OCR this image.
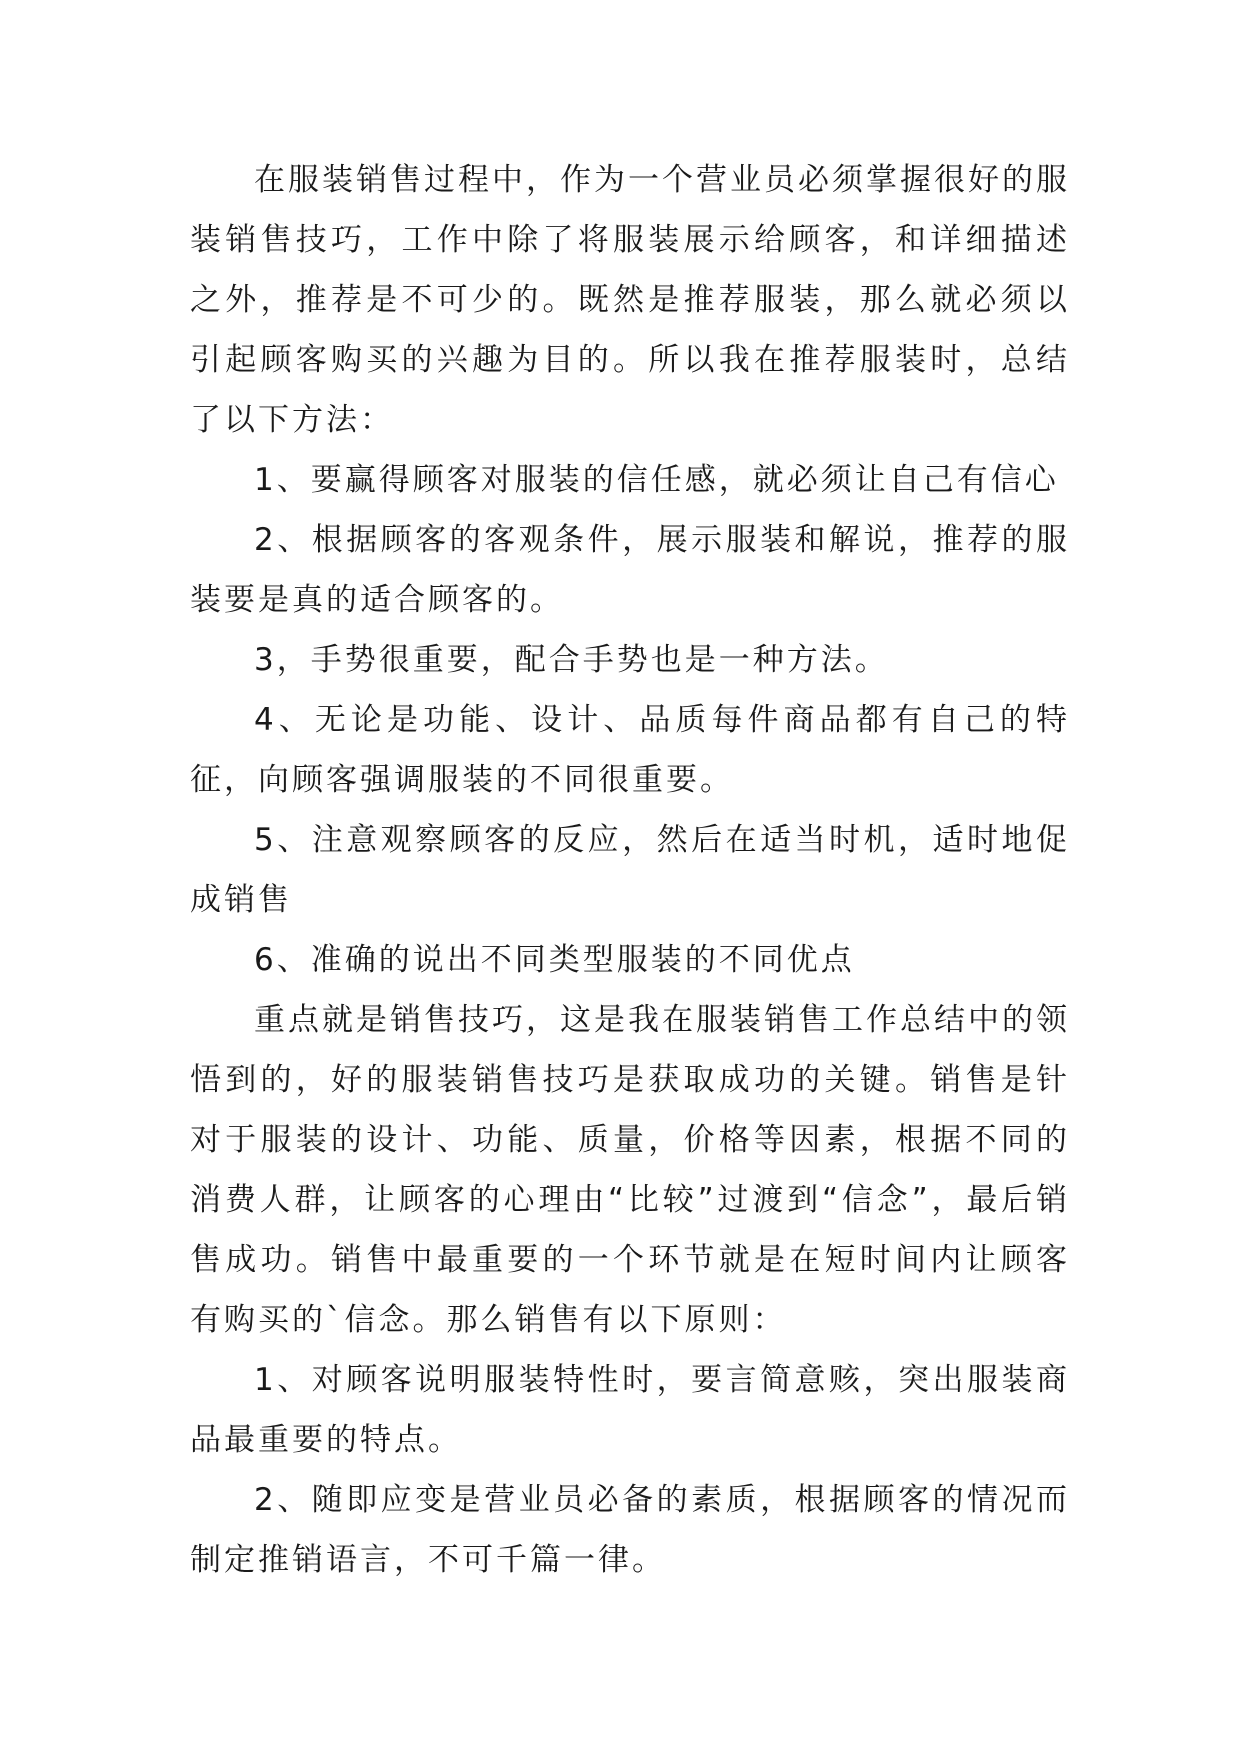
在服装销售过程中，作为一个营业员必须掌握很好的服装销售技巧，工作中除了将服装展示给顾客，和详细描述之外，推荐是不可少的。既然是推荐服装，那么就必须以引起顾客购买的兴趣为目的。所以我在推荐服装时，总结了以下方法：

1、要赢得顾客对服装的信任感，就必须让自己有信心

2、根据顾客的客观条件，展示服装和解说，推荐的服装要是真的适合顾客的。

3，手势很重要，配合手势也是一种方法。

4、无论是功能、设计、品质每件商品都有自己的特征，向顾客强调服装的不同很重要。

5、注意观察顾客的反应，然后在适当时机，适时地促成销售

6、准确的说出不同类型服装的不同优点

重点就是销售技巧，这是我在服装销售工作总结中的领悟到的，好的服装销售技巧是获取成功的关键。销售是针对于服装的设计、功能、质量，价格等因素，根据不同的消费人群，让顾客的心理由“比较”过渡到“信念”，最后销售成功。销售中最重要的一个环节就是在短时间内让顾客有购买的`信念。那么销售有以下原则：

1、对顾客说明服装特性时，要言简意赅，突出服装商品最重要的特点。

2、随即应变是营业员必备的素质，根据顾客的情况而制定推销语言，不可千篇一律。
